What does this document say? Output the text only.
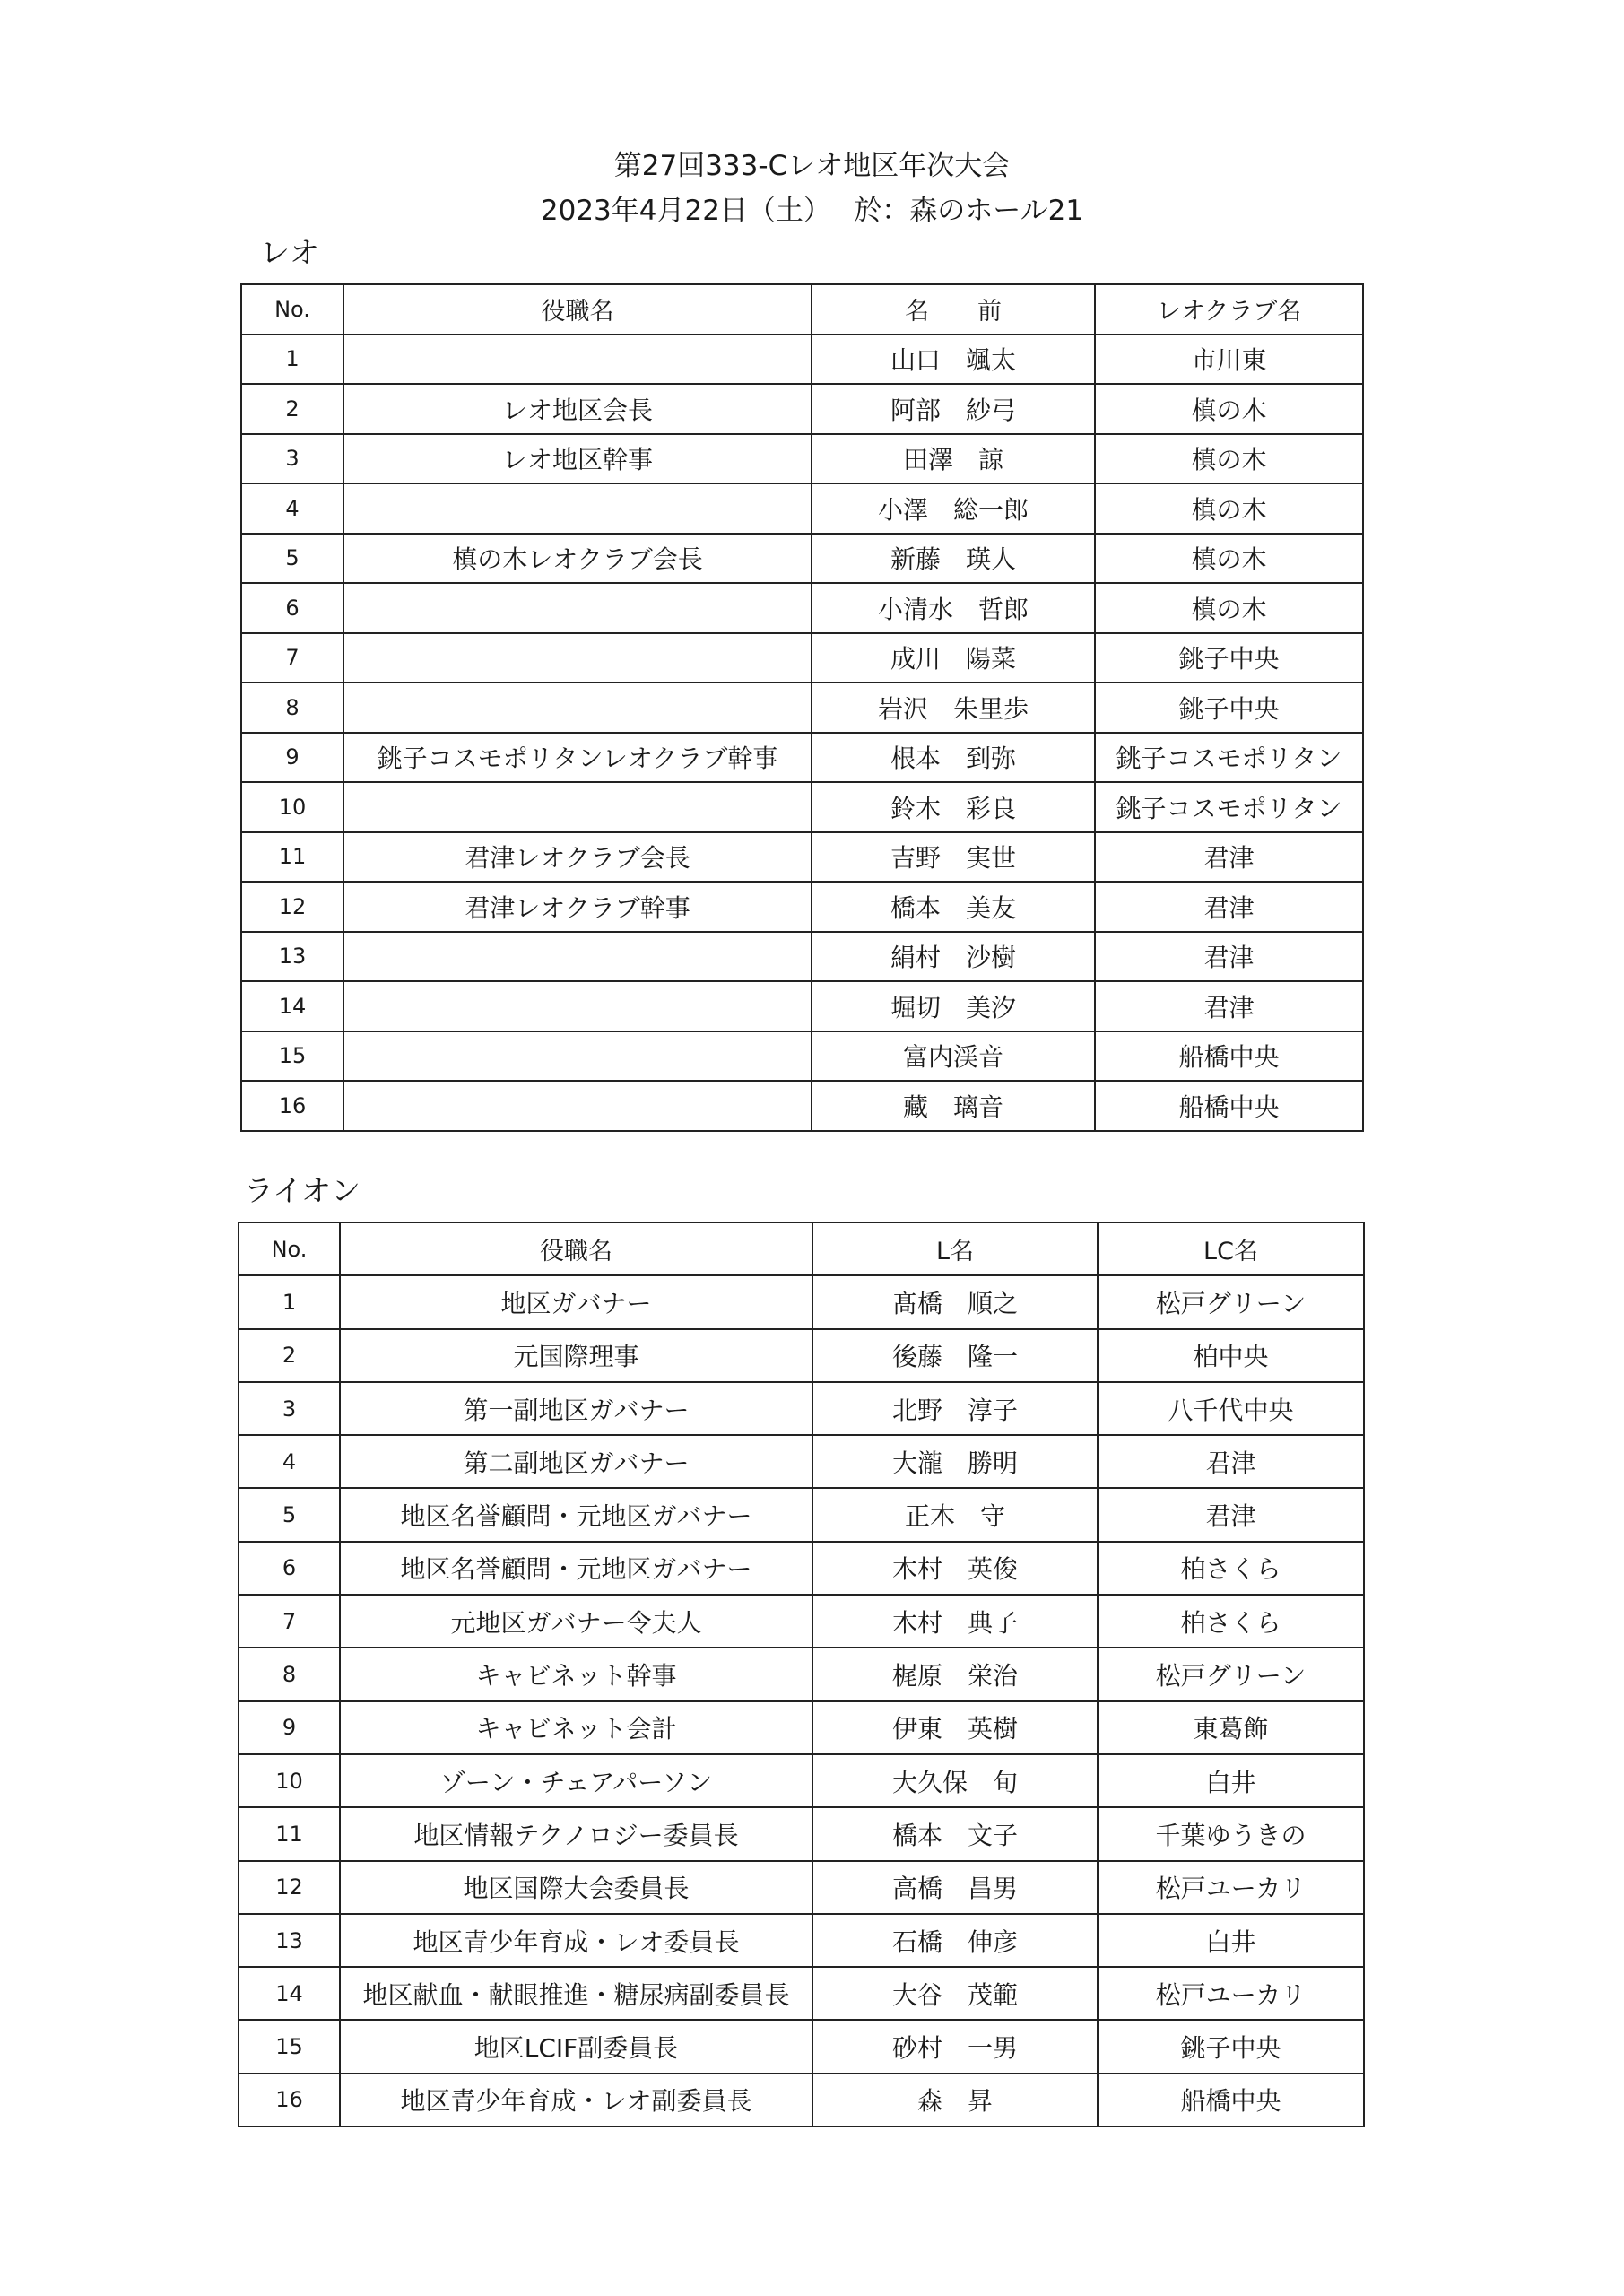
第27回333-Cレオ地区年次大会
2023年4月22日（土）　 於：森のホール21
レオ
No.	役職名	名　　前	レオクラブ名
1		山口　颯太	市川東
2	レオ地区会長	阿部　紗弓	槙の木
3	レオ地区幹事	田澤　諒	槙の木
4		小澤　総一郎	槙の木
5	槙の木レオクラブ会長	新藤　瑛人	槙の木
6		小清水　哲郎	槙の木
7		成川　陽菜	銚子中央
8		岩沢　朱里歩	銚子中央
9	銚子コスモポリタンレオクラブ幹事	根本　到弥	銚子コスモポリタン
10		鈴木　彩良	銚子コスモポリタン
11	君津レオクラブ会長	吉野　実世	君津
12	君津レオクラブ幹事	橋本　美友	君津
13		絹村　沙樹	君津
14		堀切　美汐	君津
15		富内渓音	船橋中央
16		藏　璃音	船橋中央
ライオン
No.	役職名	L名	LC名
1	地区ガバナー	髙橋　順之	松戸グリーン
2	元国際理事	後藤　隆一	柏中央
3	第一副地区ガバナー	北野　淳子	八千代中央
4	第二副地区ガバナー	大瀧　勝明	君津
5	地区名誉顧問・元地区ガバナー	正木　守	君津
6	地区名誉顧問・元地区ガバナー	木村　英俊	柏さくら
7	元地区ガバナー令夫人	木村　典子	柏さくら
8	キャビネット幹事	梶原　栄治	松戸グリーン
9	キャビネット会計	伊東　英樹	東葛飾
10	ゾーン・チェアパーソン	大久保　旬	白井
11	地区情報テクノロジー委員長	橋本　文子	千葉ゆうきの
12	地区国際大会委員長	高橋　昌男	松戸ユーカリ
13	地区青少年育成・レオ委員長	石橋　伸彦	白井
14	地区献血・献眼推進・糖尿病副委員長	大谷　茂範	松戸ユーカリ
15	地区LCIF副委員長	砂村　一男	銚子中央
16	地区青少年育成・レオ副委員長	森　昇	船橋中央
